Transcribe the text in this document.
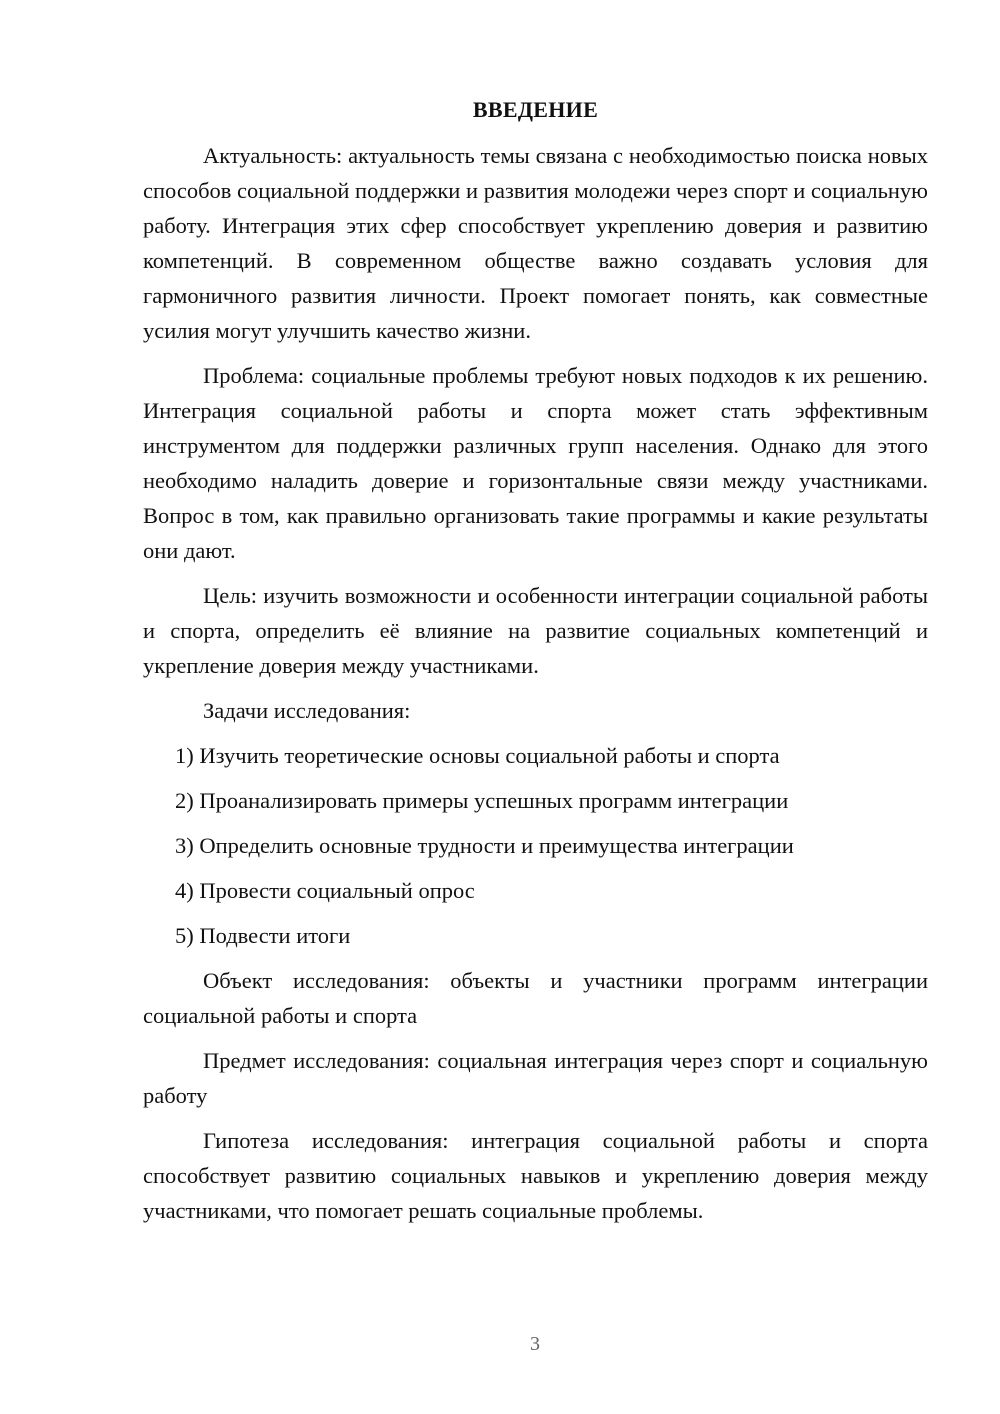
ВВЕДЕНИЕ

Актуальность: актуальность темы связана с необходимостью поиска новых способов социальной поддержки и развития молодежи через спорт и социальную работу. Интеграция этих сфер способствует укреплению доверия и развитию компетенций. В современном обществе важно создавать условия для гармоничного развития личности. Проект помогает понять, как совместные усилия могут улучшить качество жизни.

Проблема: социальные проблемы требуют новых подходов к их решению. Интеграция социальной работы и спорта может стать эффективным инструментом для поддержки различных групп населения. Однако для этого необходимо наладить доверие и горизонтальные связи между участниками. Вопрос в том, как правильно организовать такие программы и какие результаты они дают.

Цель: изучить возможности и особенности интеграции социальной работы и спорта, определить её влияние на развитие социальных компетенций и укрепление доверия между участниками.

Задачи исследования:

1) Изучить теоретические основы социальной работы и спорта
2) Проанализировать примеры успешных программ интеграции
3) Определить основные трудности и преимущества интеграции
4) Провести социальный опрос
5) Подвести итоги

Объект исследования: объекты и участники программ интеграции социальной работы и спорта

Предмет исследования: социальная интеграция через спорт и социальную работу

Гипотеза исследования: интеграция социальной работы и спорта способствует развитию социальных навыков и укреплению доверия между участниками, что помогает решать социальные проблемы.

3
